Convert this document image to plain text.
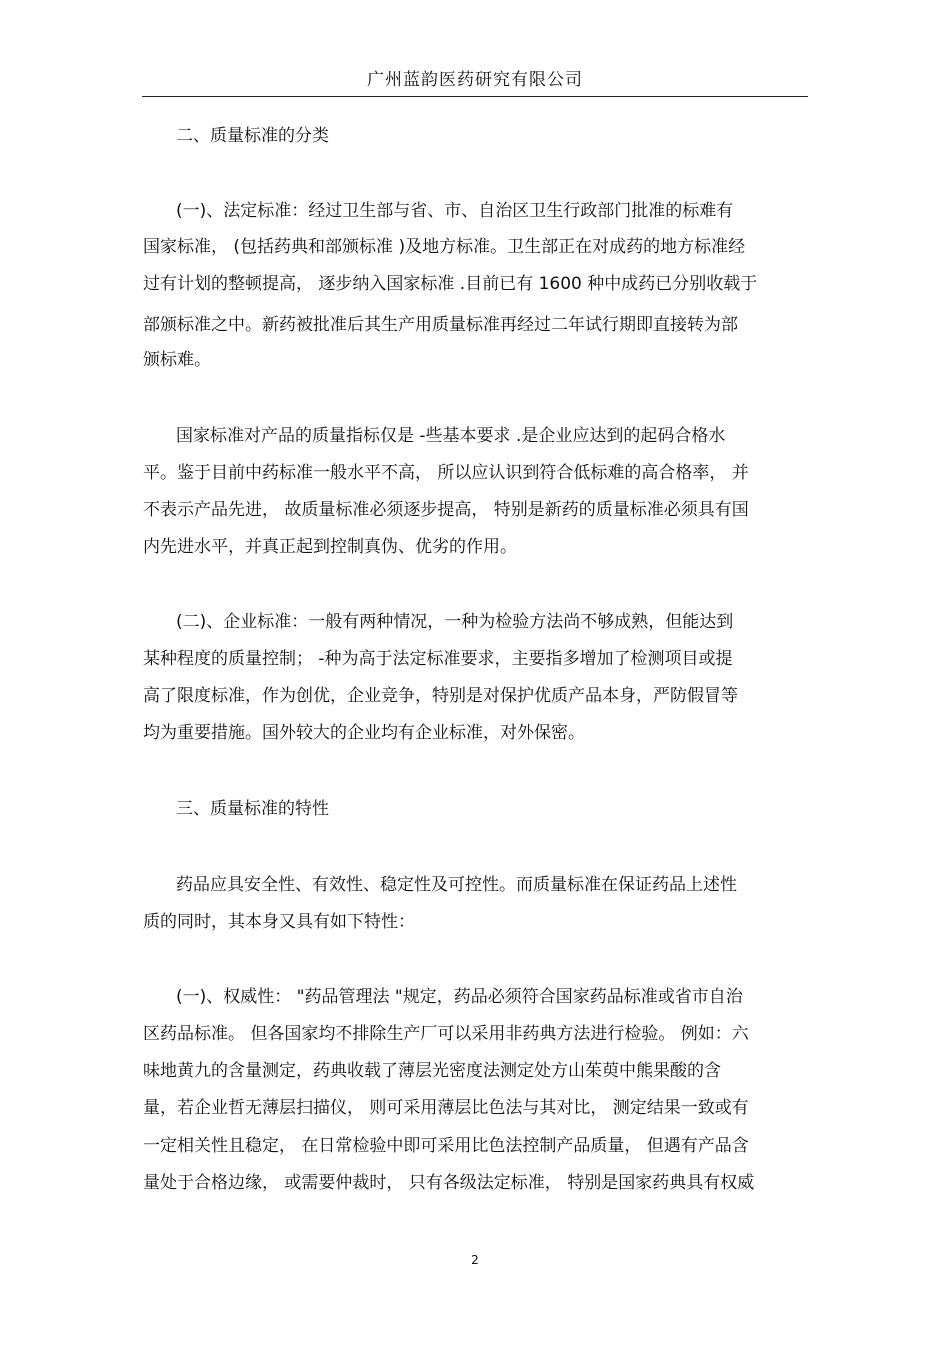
广州蓝韵医药研究有限公司
二、质量标准的分类
(一)、法定标准：经过卫生部与省、市、自治区卫生行政部门批准的标难有
国家标准， (包括药典和部颁标准 )及地方标准。卫生部正在对成药的地方标准经
过有计划的整顿提高， 逐步纳入国家标准 .目前已有 1600 种中成药已分别收载于
部颁标准之中。新药被批准后其生产用质量标准再经过二年试行期即直接转为部
颁标难。
国家标准对产品的质量指标仅是 -些基本要求 .是企业应达到的起码合格水
平。鉴于目前中药标准一般水平不高， 所以应认识到符合低标难的高合格率， 并
不表示产品先进， 故质量标准必须逐步提高， 特别是新药的质量标准必须具有国
内先进水平，并真正起到控制真伪、优劣的作用。
(二)、企业标准：一般有两种情况，一种为检验方法尚不够成熟，但能达到
某种程度的质量控制； -种为高于法定标准要求，主要指多增加了检测项目或提
高了限度标准，作为创优，企业竞争，特别是对保护优质产品本身，严防假冒等
均为重要措施。国外较大的企业均有企业标准，对外保密。
三、质量标准的特性
药品应具安全性、有效性、稳定性及可控性。而质量标准在保证药品上述性
质的同时，其本身又具有如下特性：
(一)、权威性： "药品管理法 "规定，药品必须符合国家药品标准或省市自治
区药品标准。 但各国家均不排除生产厂可以采用非药典方法进行检验。 例如：六
味地黄九的含量测定，药典收载了薄层光密度法测定处方山茱萸中熊果酸的含
量，若企业哲无薄层扫描仪， 则可采用薄层比色法与其对比， 测定结果一致或有
一定相关性且稳定， 在日常检验中即可采用比色法控制产品质量， 但遇有产品含
量处于合格边缘， 或需要仲裁时， 只有各级法定标准， 特别是国家药典具有权威
2
